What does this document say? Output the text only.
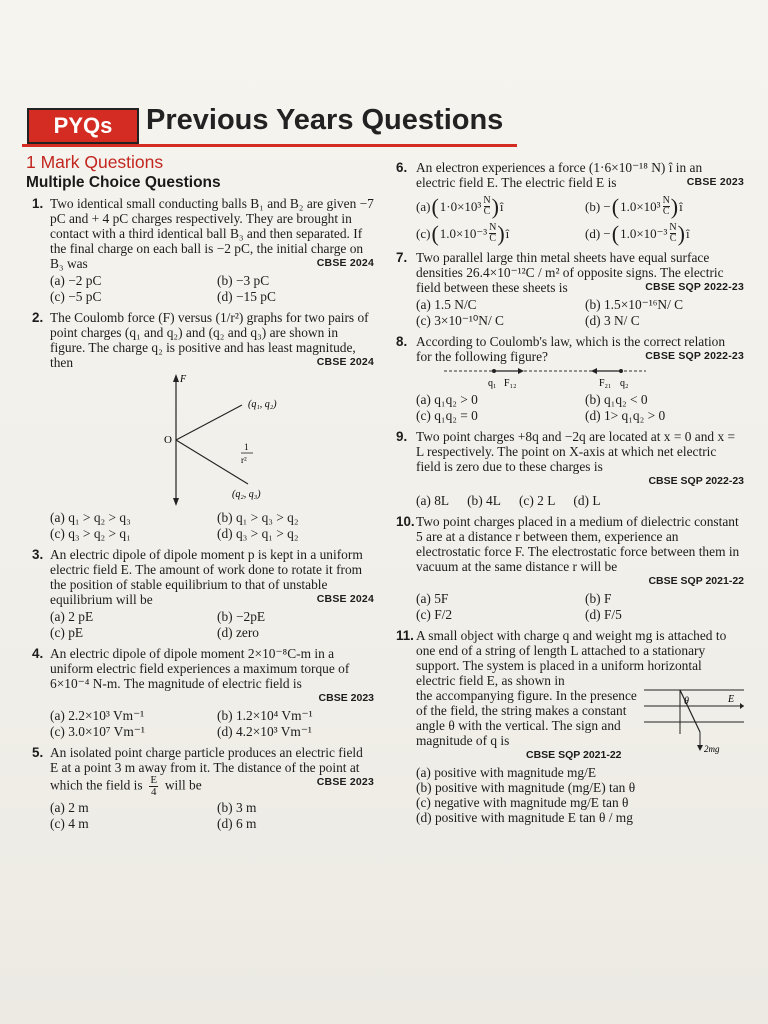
PYQs	Previous Years Questions
1 Mark Questions
Multiple Choice Questions
1. Two identical small conducting balls B₁ and B₂ are given −7 pC and + 4 pC charges respectively. They are brought in contact with a third identical ball B₃ and then separated. If the final charge on each ball is −2 pC, the initial charge on B₃ was	CBSE 2024
(a) −2 pC	(b) −3 pC
(c) −5 pC	(d) −15 pC
2. The Coulomb force (F) versus (1/r²) graphs for two pairs of point charges (q₁ and q₂) and (q₂ and q₃) are shown in figure. The charge q₂ is positive and has least magnitude, then	CBSE 2024
F
O
(q₁, q₂)
(q₂, q₃)
1
r²
(a) q₁ > q₂ > q₃	(b) q₁ > q₃ > q₂
(c) q₃ > q₂ > q₁	(d) q₃ > q₁ > q₂
3. An electric dipole of dipole moment p is kept in a uniform electric field E. The amount of work done to rotate it from the position of stable equilibrium to that of unstable equilibrium will be	CBSE 2024
(a) 2 pE	(b) −2pE
(c) pE	(d) zero
4. An electric dipole of dipole moment 2×10⁻⁸C-m in a uniform electric field experiences a maximum torque of 6×10⁻⁴ N-m. The magnitude of electric field is
CBSE 2023
(a) 2.2×10³ Vm⁻¹	(b) 1.2×10⁴ Vm⁻¹
(c) 3.0×10⁷ Vm⁻¹	(d) 4.2×10³ Vm⁻¹
5. An isolated point charge particle produces an electric field E at a point 3 m away from it. The distance of the point at which the field is $\frac{E}{4}$ will be	CBSE 2023
(a) 2 m	(b) 3 m
(c) 4 m	(d) 6 m
6. An electron experiences a force (1·6×10⁻¹⁸ N) î in an electric field E. The electric field E is	CBSE 2023
(a) ( $1\cdot 0\times 10^3 \frac{N}{C}$ ) î	(b) − ( $1.0\times 10^3 \frac{N}{C}$ ) î
(c) ( $1.0\times 10^{-3} \frac{N}{C}$ ) î	(d) − ( $1.0\times 10^{-3} \frac{N}{C}$ ) î
7. Two parallel large thin metal sheets have equal surface densities 26.4×10⁻¹²C / m² of opposite signs. The electric field between these sheets is	CBSE SQP 2022-23
(a) 1.5 N/C	(b) 1.5×10⁻¹⁶N/ C
(c) 3×10⁻¹⁰N/ C	(d) 3 N/ C
8. According to Coulomb's law, which is the correct relation for the following figure?	CBSE SQP 2022-23
q₁ F₁₂	F₂₁ q₂
(a) q₁q₂ > 0	(b) q₁q₂ < 0
(c) q₁q₂ = 0	(d) 1> q₁q₂ > 0
9. Two point charges +8q and −2q are located at x = 0 and x = L respectively. The point on X-axis at which net electric field is zero due to these charges is
CBSE SQP 2022-23
(a) 8L (b) 4L (c) 2 L (d) L
10. Two point charges placed in a medium of dielectric constant 5 are at a distance r between them, experience an electrostatic force F. The electrostatic force between them in vacuum at the same distance r will be
CBSE SQP 2021-22
(a) 5F	(b) F
(c) F/2	(d) F/5
11. A small object with charge q and weight mg is attached to one end of a string of length L attached to a stationary support. The system is placed in a uniform horizontal electric field E, as shown in
the accompanying figure. In the presence of the field, the string makes a constant angle θ with the vertical. The sign and magnitude of q is
θ	E
2mg
CBSE SQP 2021-22
(a) positive with magnitude mg/E
(b) positive with magnitude (mg/E) tan θ
(c) negative with magnitude mg/E tan θ
(d) positive with magnitude E tan θ / mg
